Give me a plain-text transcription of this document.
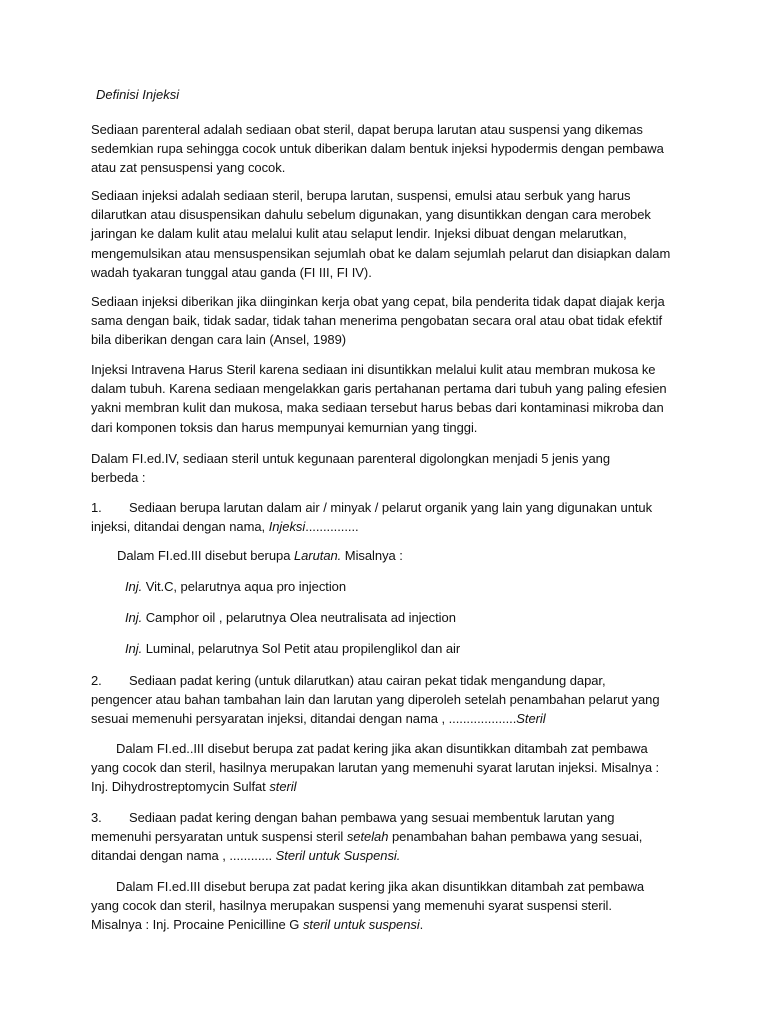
Definisi Injeksi
Sediaan parenteral adalah sediaan obat steril, dapat berupa larutan atau suspensi yang dikemas
sedemkian rupa sehingga cocok untuk diberikan dalam bentuk injeksi hypodermis dengan pembawa
atau zat pensuspensi yang cocok.
Sediaan injeksi adalah sediaan steril, berupa larutan, suspensi, emulsi atau serbuk yang harus
dilarutkan atau disuspensikan dahulu sebelum digunakan, yang disuntikkan dengan cara merobek
jaringan ke dalam kulit atau melalui kulit atau selaput lendir. Injeksi dibuat dengan melarutkan,
mengemulsikan atau mensuspensikan sejumlah obat ke dalam sejumlah pelarut dan disiapkan dalam
wadah tyakaran tunggal atau ganda (FI III, FI IV).
Sediaan injeksi diberikan jika diinginkan kerja obat yang cepat, bila penderita tidak dapat diajak kerja
sama dengan baik, tidak sadar, tidak tahan menerima pengobatan secara oral atau obat tidak efektif
bila diberikan dengan cara lain (Ansel, 1989)
Injeksi Intravena Harus Steril karena sediaan ini disuntikkan melalui kulit atau membran mukosa ke
dalam tubuh. Karena sediaan mengelakkan garis pertahanan pertama dari tubuh yang paling efesien
yakni membran kulit dan mukosa, maka sediaan tersebut harus bebas dari kontaminasi mikroba dan
dari komponen toksis dan harus mempunyai kemurnian yang tinggi.
Dalam FI.ed.IV, sediaan steril untuk kegunaan parenteral digolongkan menjadi 5 jenis yang
berbeda :
1. Sediaan berupa larutan dalam air / minyak / pelarut organik yang lain yang digunakan untuk
injeksi, ditandai dengan nama, Injeksi...............
Dalam FI.ed.III disebut berupa Larutan. Misalnya :
Inj. Vit.C, pelarutnya aqua pro injection
Inj. Camphor oil , pelarutnya Olea neutralisata ad injection
Inj. Luminal, pelarutnya Sol Petit atau propilenglikol dan air
2. Sediaan padat kering (untuk dilarutkan) atau cairan pekat tidak mengandung dapar,
pengencer atau bahan tambahan lain dan larutan yang diperoleh setelah penambahan pelarut yang
sesuai memenuhi persyaratan injeksi, ditandai dengan nama , ...................Steril
Dalam FI.ed..III disebut berupa zat padat kering jika akan disuntikkan ditambah zat pembawa
yang cocok dan steril, hasilnya merupakan larutan yang memenuhi syarat larutan injeksi. Misalnya :
Inj. Dihydrostreptomycin Sulfat steril
3. Sediaan padat kering dengan bahan pembawa yang sesuai membentuk larutan yang
memenuhi persyaratan untuk suspensi steril setelah penambahan bahan pembawa yang sesuai,
ditandai dengan nama , ............ Steril untuk Suspensi.
Dalam FI.ed.III disebut berupa zat padat kering jika akan disuntikkan ditambah zat pembawa
yang cocok dan steril, hasilnya merupakan suspensi yang memenuhi syarat suspensi steril.
Misalnya : Inj. Procaine Penicilline G steril untuk suspensi.
